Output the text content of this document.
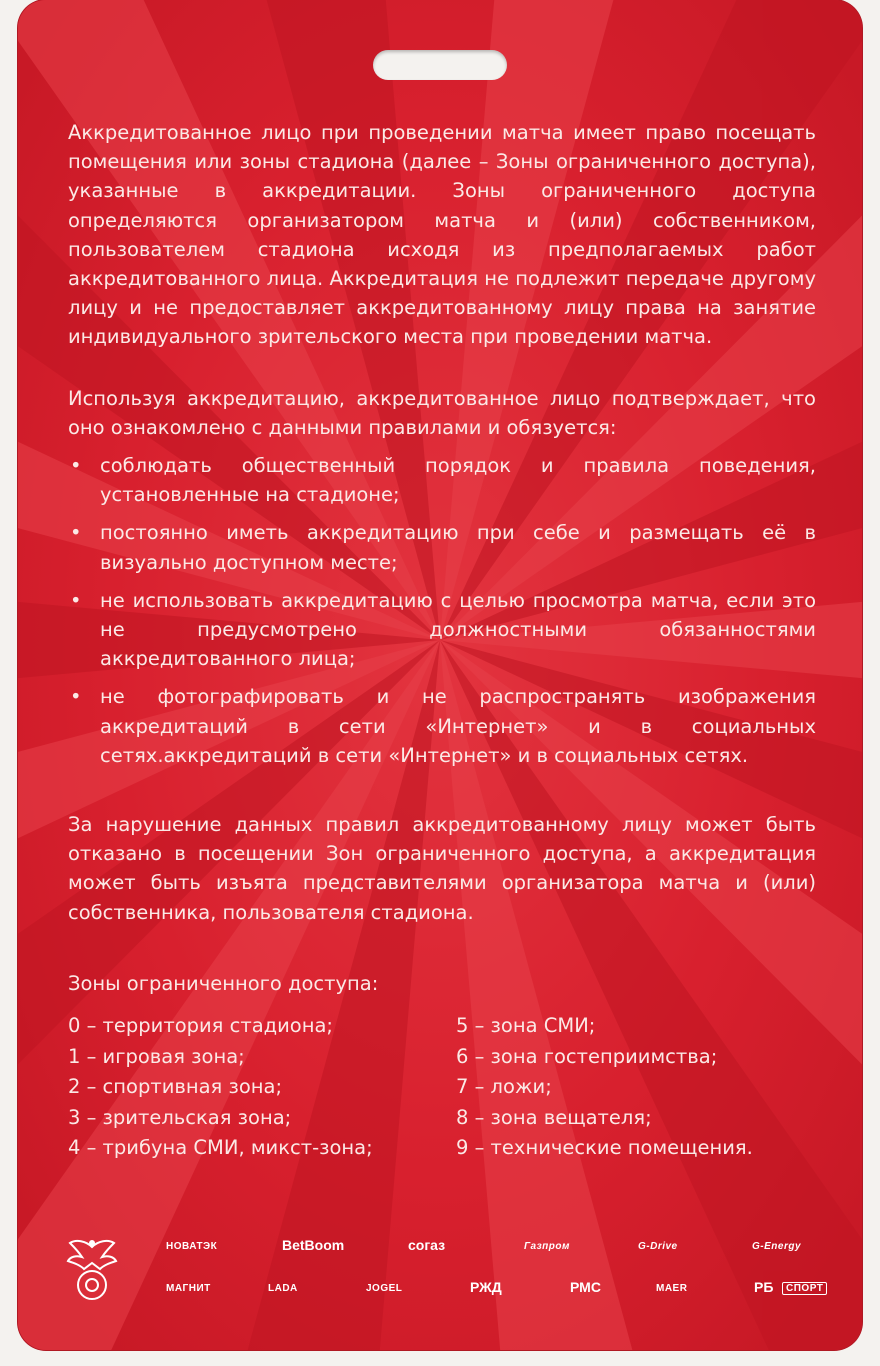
Аккредитованное лицо при проведении матча имеет право посещать помещения или зоны стадиона (далее – Зоны ограниченного доступа), указанные в аккредитации. Зоны ограниченного доступа определяются организатором матча и (или) собственником, пользователем стадиона исходя из предполагаемых работ аккредитованного лица. Аккредитация не подлежит передаче другому лицу и не предоставляет аккредитованному лицу права на занятие индивидуального зрительского места при проведении матча.

Используя аккредитацию, аккредитованное лицо подтверждает, что оно ознакомлено с данными правилами и обязуется:

• соблюдать общественный порядок и правила поведения, установленные на стадионе;
• постоянно иметь аккредитацию при себе и размещать её в визуально доступном месте;
• не использовать аккредитацию с целью просмотра матча, если это не предусмотрено должностными обязанностями аккредитованного лица;
• не фотографировать и не распространять изображения аккредитаций в сети «Интернет» и в социальных сетях.аккредитаций в сети «Интернет» и в социальных сетях.

За нарушение данных правил аккредитованному лицу может быть отказано в посещении Зон ограниченного доступа, а аккредитация может быть изъята представителями организатора матча и (или) собственника, пользователя стадиона.

Зоны ограниченного доступа:

0 – территория стадиона;
1 – игровая зона;
2 – спортивная зона;
3 – зрительская зона;
4 – трибуна СМИ, микст-зона;
5 – зона СМИ;
6 – зона гостеприимства;
7 – ложи;
8 – зона вещателя;
9 – технические помещения.
НОВАТЭК	BetBoom	согаз	Газпром	G-Drive	G-Energy
МАГНИТ	LADA	JOGEL	РЖД	РМС	MAER	РБ	СПОРТ
